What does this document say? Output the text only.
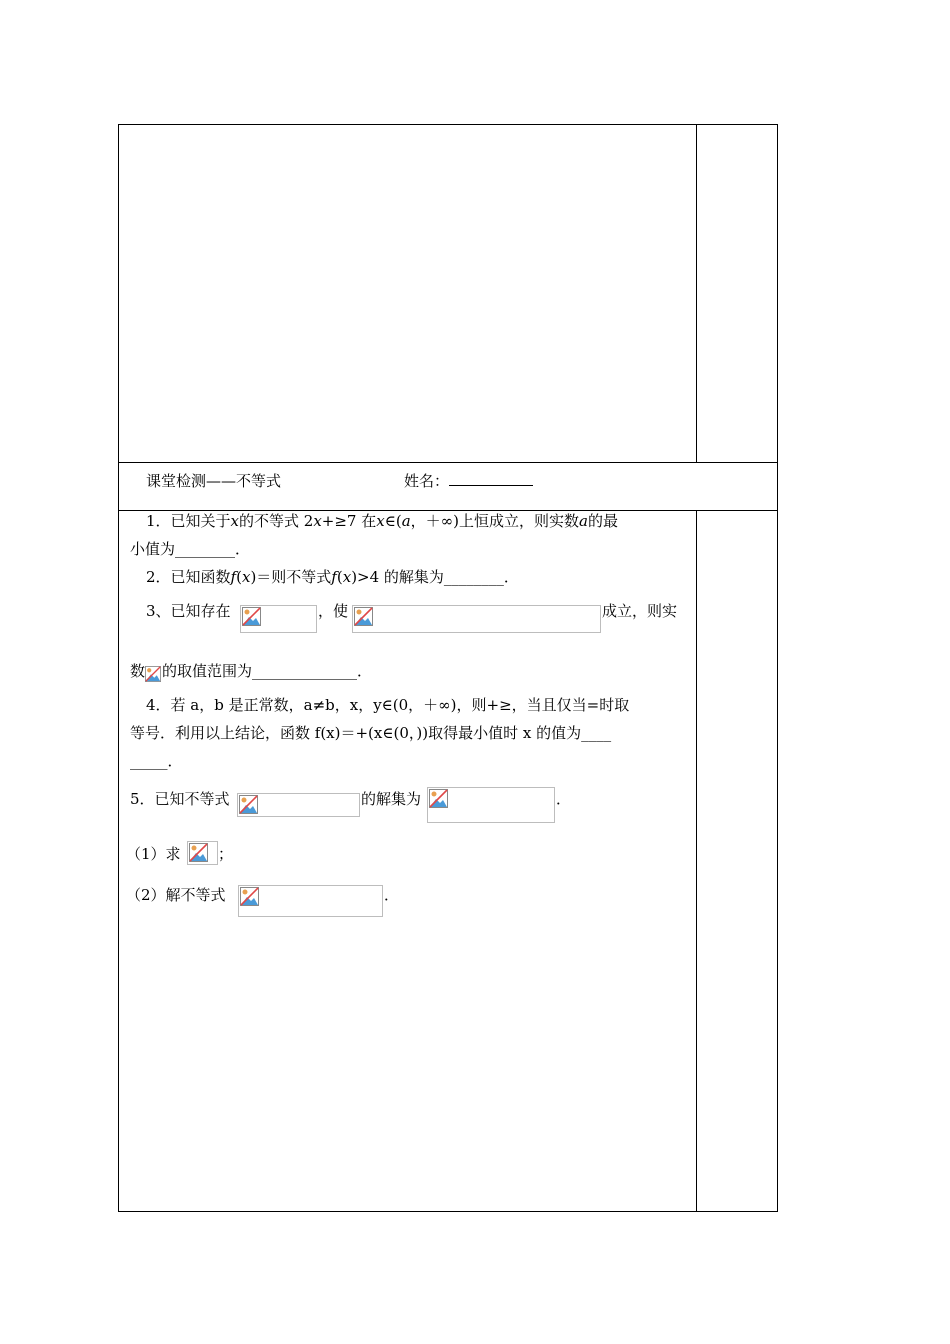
课堂检测——不等式	姓名：
1．已知关于x的不等式 2x+≥7 在x∈(a，＋∞)上恒成立，则实数a的最
小值为________．
2．已知函数f(x)＝则不等式f(x)>4 的解集为________．
3、已知存在	，使	成立，则实
数 的取值范围为______________．
4．若 a，b 是正常数，a≠b，x，y∈(0，＋∞)，则+≥，当且仅当=时取
等号．利用以上结论，函数 f(x)＝+(x∈(0，))取得最小值时 x 的值为____
_____．
5．已知不等式	的解集为	．
（1）求 ；
（2）解不等式	．
